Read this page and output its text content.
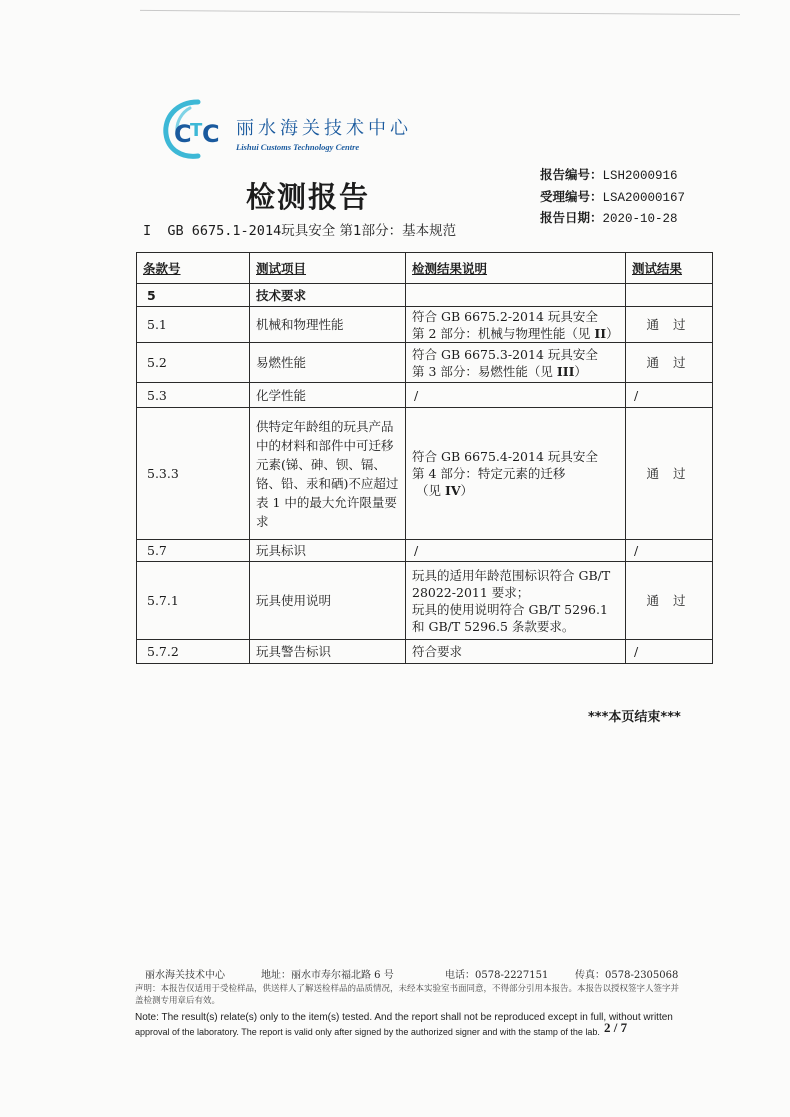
C
T C 丽水海关技术中心
Lishui Customs Technology Centre
报告编号：LSH2000916
受理编号：LSA20000167
报告日期：2020-10-28
检测报告
I GB 6675.1-2014玩具安全 第1部分：基本规范
条款号	测试项目	检测结果说明	测试结果
5	技术要求		
5.1	机械和物理性能	符合 GB 6675.2-2014 玩具安全
第 2 部分：机械与物理性能（见 II）	通过
5.2	易燃性能	符合 GB 6675.3-2014 玩具安全
第 3 部分：易燃性能（见 III）	通过
5.3	化学性能	/	/
5.3.3	供特定年龄组的玩具产品中的材料和部件中可迁移元素(锑、砷、钡、镉、铬、铅、汞和硒)不应超过表 1 中的最大允许限量要求	符合 GB 6675.4-2014 玩具安全
第 4 部分：特定元素的迁移
（见 IV）	通过
5.7	玩具标识	/	/
5.7.1	玩具使用说明	玩具的适用年龄范围标识符合 GB/T
28022-2011 要求；
玩具的使用说明符合 GB/T 5296.1
和 GB/T 5296.5 条款要求。	通过
5.7.2	玩具警告标识	符合要求	/
***本页结束***
丽水海关技术中心	地址：丽水市寿尔福北路 6 号	电话：0578-2227151	传真：0578-2305068
声明：本报告仅适用于受检样品，供送样人了解送检样品的品质情况，未经本实验室书面同意，不得部分引用本报告。本报告以授权签字人签字并盖检测专用章后有效。
Note: The result(s) relate(s) only to the item(s) tested. And the report shall not be reproduced except in full, without written
approval of the laboratory. The report is valid only after signed by the authorized signer and with the stamp of the lab. 2 / 7
